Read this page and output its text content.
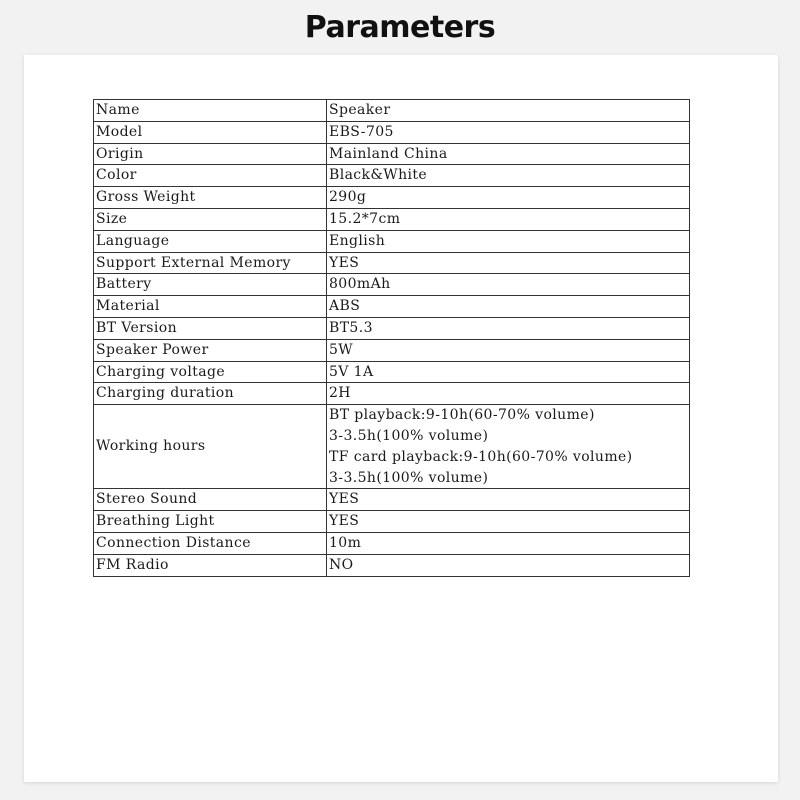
Parameters
Name	Speaker

Model	EBS-705

Origin	Mainland China

Color	Black&White

Gross Weight	290g

Size	15.2*7cm

Language	English

Support External Memory	YES

Battery	800mAh

Material	ABS

BT Version	BT5.3

Speaker Power	5W

Charging voltage	5V 1A

Charging duration	2H

Working hours	BT playback:9-10h(60-70% volume)
3-3.5h(100% volume)
TF card playback:9-10h(60-70% volume)
3-3.5h(100% volume)

Stereo Sound	YES

Breathing Light	YES

Connection Distance	10m

FM Radio	NO
